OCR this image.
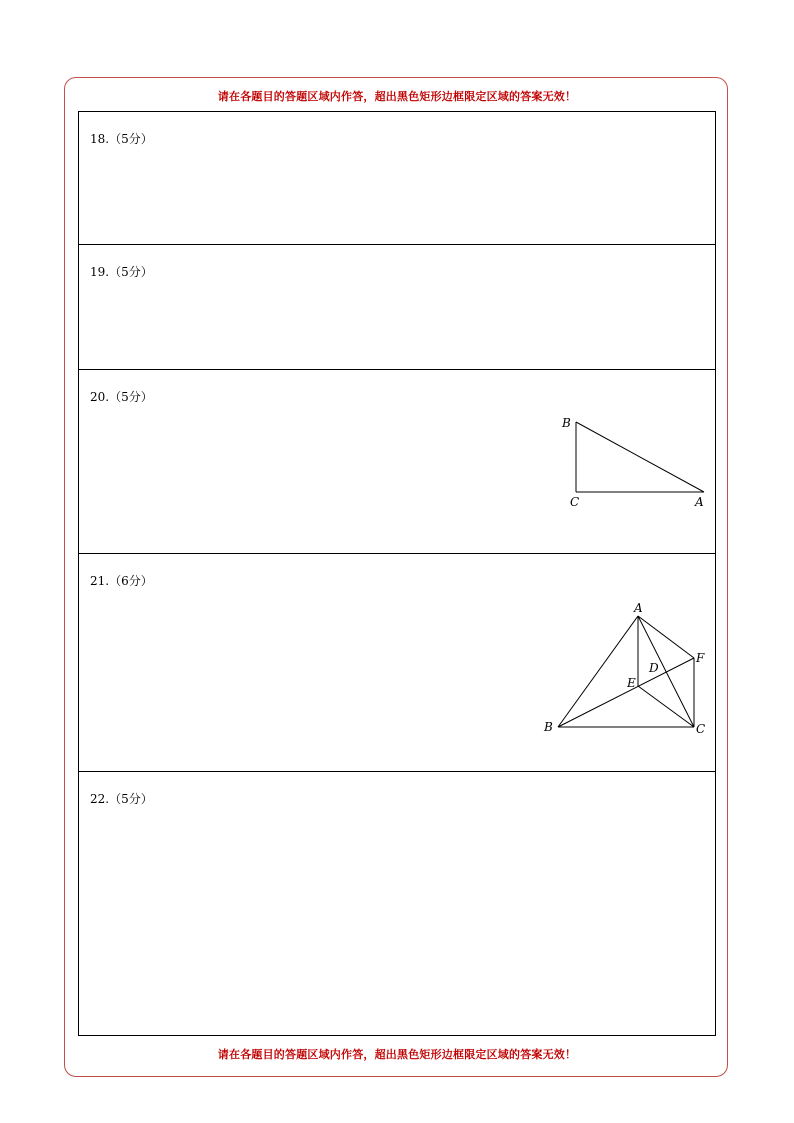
请在各题目的答题区域内作答，超出黑色矩形边框限定区域的答案无效！
18.（5分）
19.（5分）
20.（5分）
B
C	A
21.（6分）
A
B	C
D
E
F
22.（5分）
请在各题目的答题区域内作答，超出黑色矩形边框限定区域的答案无效！
